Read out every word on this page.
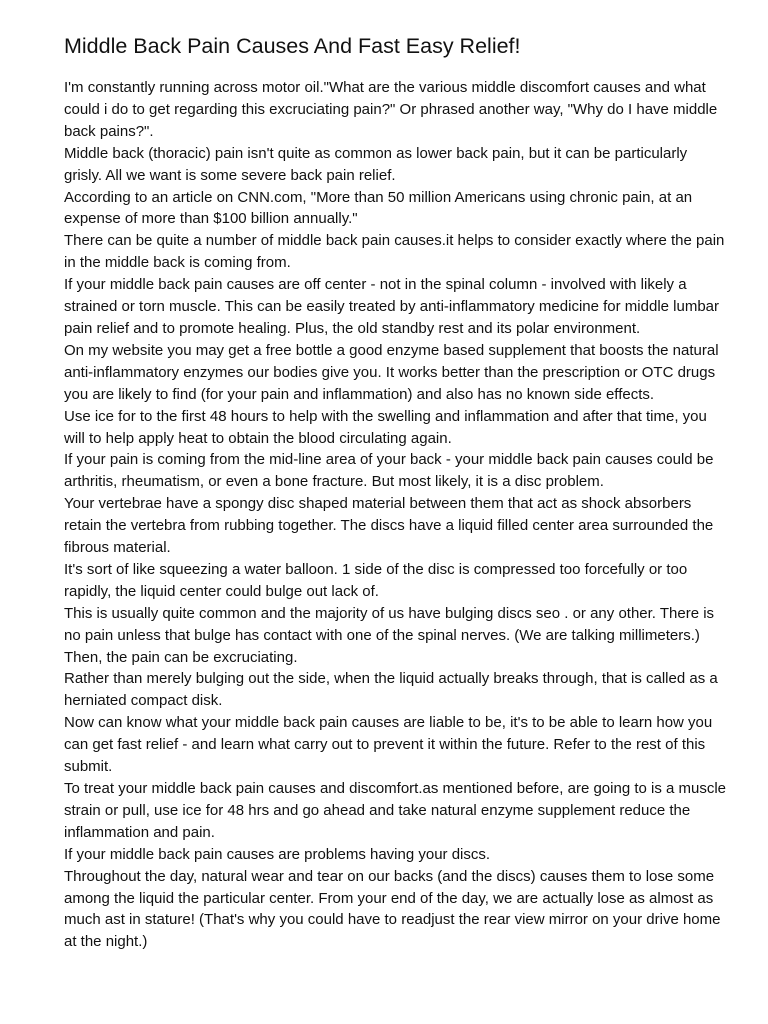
Middle Back Pain Causes And Fast Easy Relief!

I'm constantly running across motor oil."What are the various middle discomfort causes and what could i do to get regarding this excruciating pain?" Or phrased another way, "Why do I have middle back pains?".

Middle back (thoracic) pain isn't quite as common as lower back pain, but it can be particularly grisly. All we want is some severe back pain relief.

According to an article on CNN.com, "More than 50 million Americans using chronic pain, at an expense of more than $100 billion annually."

There can be quite a number of middle back pain causes.it helps to consider exactly where the pain in the middle back is coming from.

If your middle back pain causes are off center - not in the spinal column - involved with likely a strained or torn muscle. This can be easily treated by anti-inflammatory medicine for middle lumbar pain relief and to promote healing. Plus, the old standby rest and its polar environment.

On my website you may get a free bottle a good enzyme based supplement that boosts the natural anti-inflammatory enzymes our bodies give you. It works better than the prescription or OTC drugs you are likely to find (for your pain and inflammation) and also has no known side effects.

Use ice for to the first 48 hours to help with the swelling and inflammation and after that time, you will to help apply heat to obtain the blood circulating again.

If your pain is coming from the mid-line area of your back - your middle back pain causes could be arthritis, rheumatism, or even a bone fracture. But most likely, it is a disc problem.

Your vertebrae have a spongy disc shaped material between them that act as shock absorbers retain the vertebra from rubbing together. The discs have a liquid filled center area surrounded the fibrous material.

It's sort of like squeezing a water balloon. 1 side of the disc is compressed too forcefully or too rapidly, the liquid center could bulge out lack of.

This is usually quite common and the majority of us have bulging discs seo . or any other. There is no pain unless that bulge has contact with one of the spinal nerves. (We are talking millimeters.) Then, the pain can be excruciating.

Rather than merely bulging out the side, when the liquid actually breaks through, that is called as a herniated compact disk.

Now can know what your middle back pain causes are liable to be, it's to be able to learn how you can get fast relief - and learn what carry out to prevent it within the future. Refer to the rest of this submit.

To treat your middle back pain causes and discomfort.as mentioned before, are going to is a muscle strain or pull, use ice for 48 hrs and go ahead and take natural enzyme supplement reduce the inflammation and pain.

If your middle back pain causes are problems having your discs.

Throughout the day, natural wear and tear on our backs (and the discs) causes them to lose some among the liquid the particular center. From your end of the day, we are actually lose as almost as much ast in stature! (That's why you could have to readjust the rear view mirror on your drive home at the night.)
